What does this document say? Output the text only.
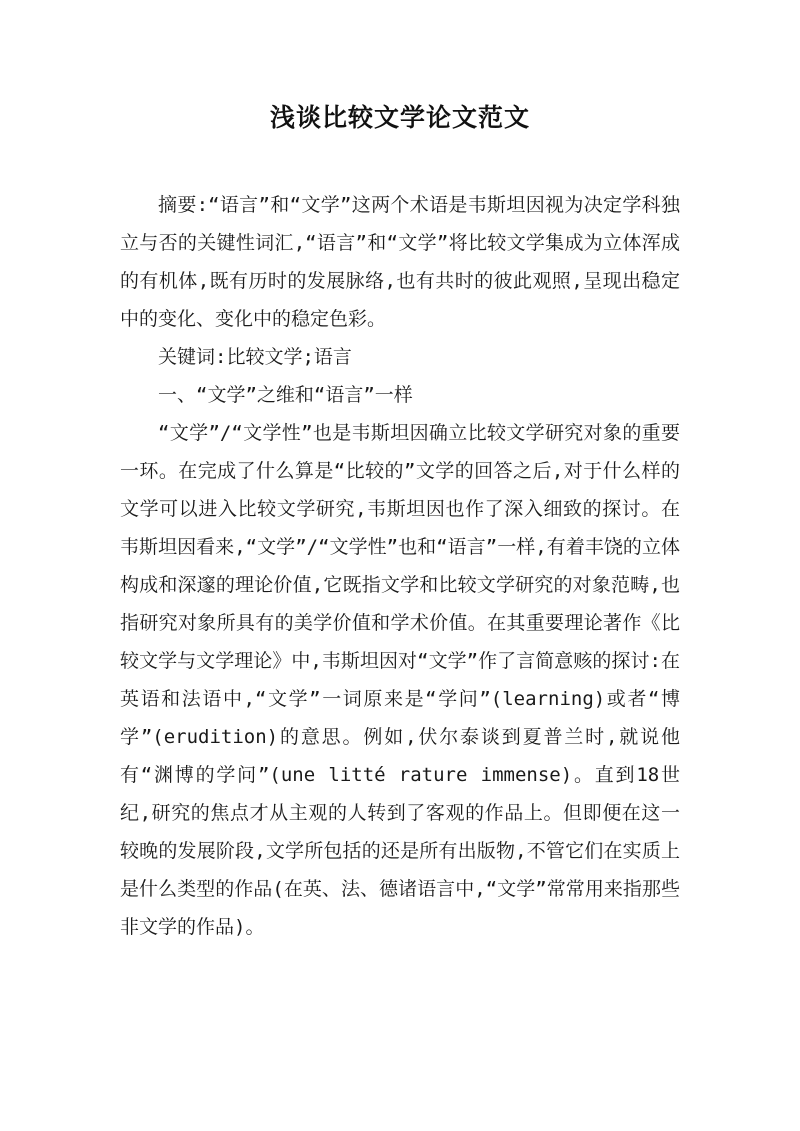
浅谈比较文学论文范文

摘要:“语言”和“文学”这两个术语是韦斯坦因视为决定学科独立与否的关键性词汇,“语言”和“文学”将比较文学集成为立体浑成的有机体,既有历时的发展脉络,也有共时的彼此观照,呈现出稳定中的变化、变化中的稳定色彩。

关键词:比较文学;语言

一、“文学”之维和“语言”一样

“文学”/“文学性”也是韦斯坦因确立比较文学研究对象的重要一环。在完成了什么算是“比较的”文学的回答之后,对于什么样的文学可以进入比较文学研究,韦斯坦因也作了深入细致的探讨。在韦斯坦因看来,“文学”/“文学性”也和“语言”一样,有着丰饶的立体构成和深邃的理论价值,它既指文学和比较文学研究的对象范畴,也指研究对象所具有的美学价值和学术价值。在其重要理论著作《比较文学与文学理论》中,韦斯坦因对“文学”作了言简意赅的探讨:在英语和法语中,“文学”一词原来是“学问”(learning)或者“博学”(erudition)的意思。例如,伏尔泰谈到夏普兰时,就说他有“渊博的学问”(une litté rature immense)。直到18世纪,研究的焦点才从主观的人转到了客观的作品上。但即便在这一较晚的发展阶段,文学所包括的还是所有出版物,不管它们在实质上是什么类型的作品(在英、法、德诸语言中,“文学”常常用来指那些非文学的作品)。
